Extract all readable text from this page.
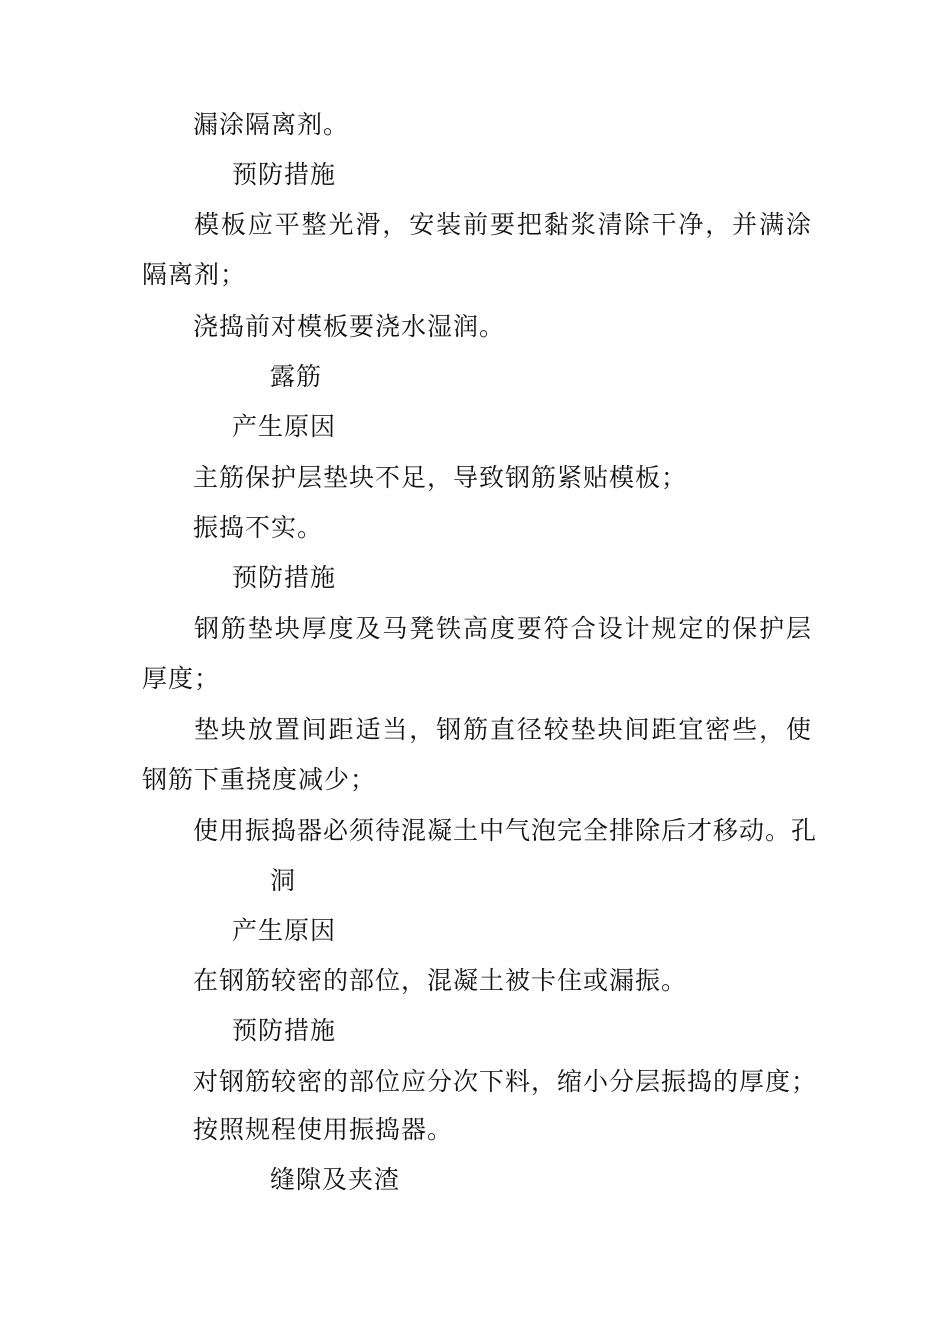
漏涂隔离剂。
预防措施
模板应平整光滑，安装前要把黏浆清除干净，并满涂隔离剂；
浇捣前对模板要浇水湿润。
露筋
产生原因
主筋保护层垫块不足，导致钢筋紧贴模板；
振捣不实。
预防措施
钢筋垫块厚度及马凳铁高度要符合设计规定的保护层厚度；
垫块放置间距适当，钢筋直径较垫块间距宜密些，使钢筋下重挠度减少；
使用振捣器必须待混凝土中气泡完全排除后才移动。孔
洞
产生原因
在钢筋较密的部位，混凝土被卡住或漏振。
预防措施
对钢筋较密的部位应分次下料，缩小分层振捣的厚度；
按照规程使用振捣器。
缝隙及夹渣
